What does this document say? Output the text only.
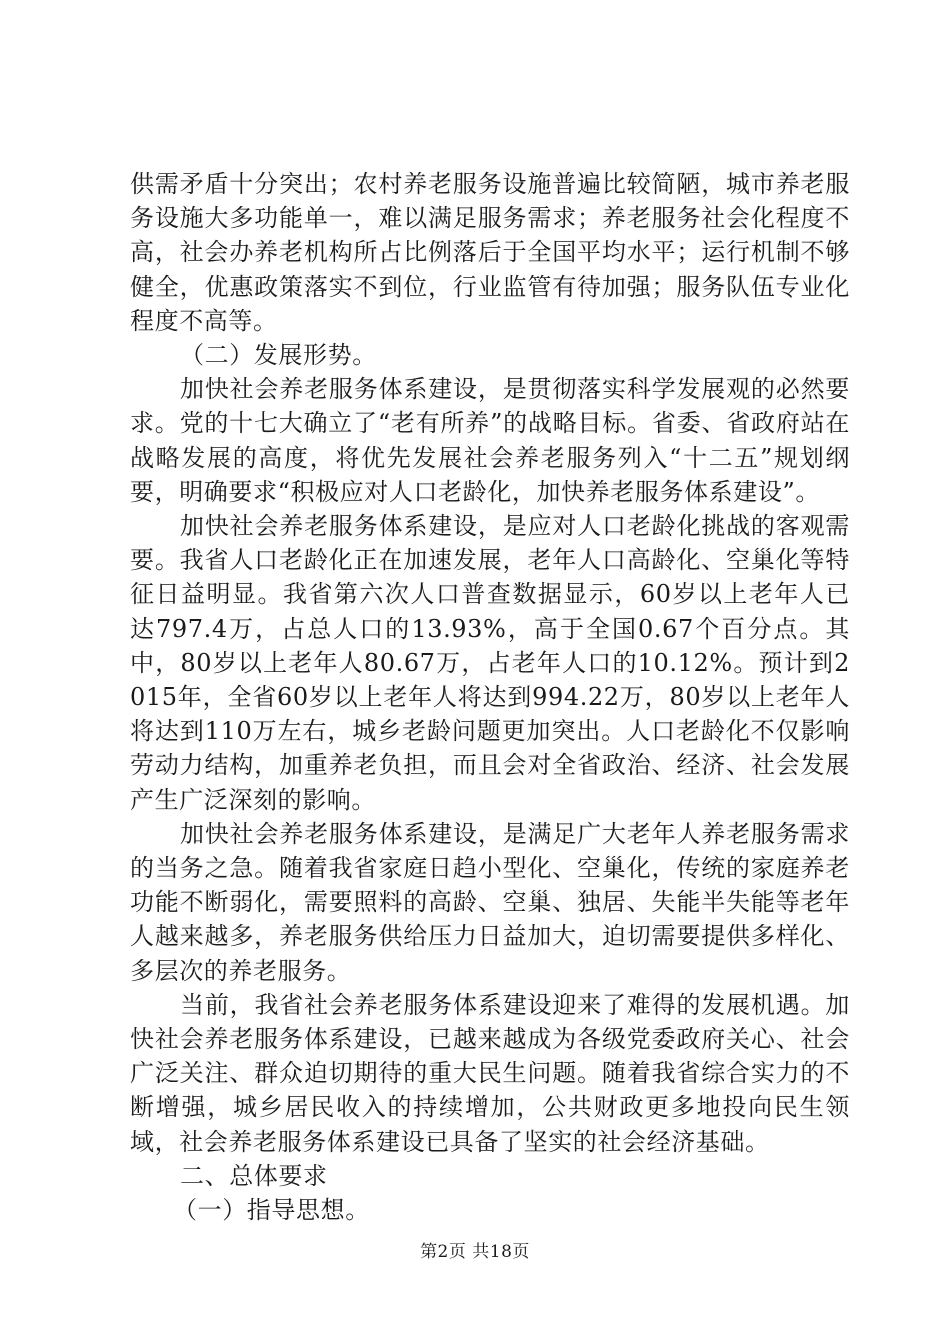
供需矛盾十分突出；农村养老服务设施普遍比较简陋，城市养老服务设施大多功能单一，难以满足服务需求；养老服务社会化程度不高，社会办养老机构所占比例落后于全国平均水平；运行机制不够健全，优惠政策落实不到位，行业监管有待加强；服务队伍专业化程度不高等。

（二）发展形势。

加快社会养老服务体系建设，是贯彻落实科学发展观的必然要求。党的十七大确立了“老有所养”的战略目标。省委、省政府站在战略发展的高度，将优先发展社会养老服务列入“十二五”规划纲要，明确要求“积极应对人口老龄化，加快养老服务体系建设”。

加快社会养老服务体系建设，是应对人口老龄化挑战的客观需要。我省人口老龄化正在加速发展，老年人口高龄化、空巢化等特征日益明显。我省第六次人口普查数据显示，60岁以上老年人已达797.4万，占总人口的13.93%，高于全国0.67个百分点。其中，80岁以上老年人80.67万，占老年人口的10.12%。预计到2015年，全省60岁以上老年人将达到994.22万，80岁以上老年人将达到110万左右，城乡老龄问题更加突出。人口老龄化不仅影响劳动力结构，加重养老负担，而且会对全省政治、经济、社会发展产生广泛深刻的影响。

加快社会养老服务体系建设，是满足广大老年人养老服务需求的当务之急。随着我省家庭日趋小型化、空巢化，传统的家庭养老功能不断弱化，需要照料的高龄、空巢、独居、失能半失能等老年人越来越多，养老服务供给压力日益加大，迫切需要提供多样化、多层次的养老服务。

当前，我省社会养老服务体系建设迎来了难得的发展机遇。加快社会养老服务体系建设，已越来越成为各级党委政府关心、社会广泛关注、群众迫切期待的重大民生问题。随着我省综合实力的不断增强，城乡居民收入的持续增加，公共财政更多地投向民生领域，社会养老服务体系建设已具备了坚实的社会经济基础。

二、总体要求

（一）指导思想。

第2页 共18页
